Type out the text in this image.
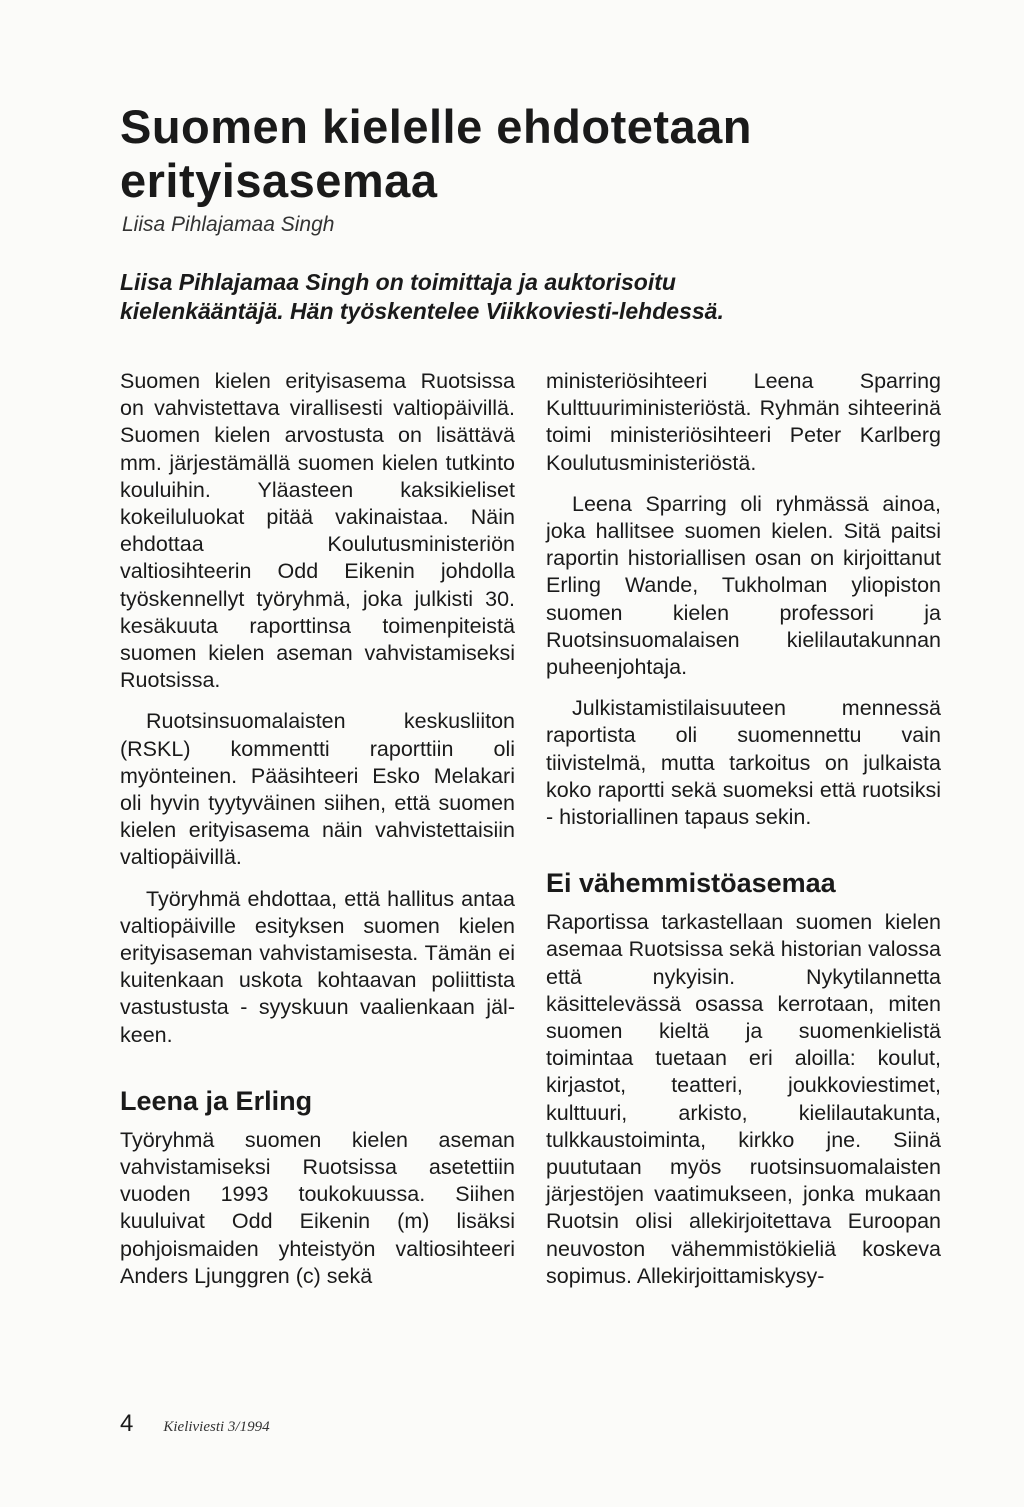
Suomen kielelle ehdotetaan erityisasemaa
Liisa Pihlajamaa Singh

Liisa Pihlajamaa Singh on toimittaja ja auktorisoitu kielenkääntäjä. Hän työskentelee Viikkoviesti-lehdessä.

Suomen kielen erityisasema Ruotsissa on vahvistettava virallisesti valtiopäivillä. Suomen kielen arvostusta on lisättävä mm. järjestämällä suomen kielen tutkinto kouluihin. Yläasteen kaksikieliset kokeiluluokat pitää vakinaistaa. Näin ehdottaa Koulutusministeriön valtiosihteerin Odd Eikenin johdolla työskennellyt työryhmä, joka julkisti 30. kesäkuuta raporttinsa toimenpiteistä suomen kielen aseman vahvistamiseksi Ruotsissa.

Ruotsinsuomalaisten keskusliiton (RSKL) kommentti raporttiin oli myönteinen. Pääsihteeri Esko Melakari oli hyvin tyytyväinen siihen, että suomen kielen erityisasema näin vahvistettaisiin valtiopäivillä.

Työryhmä ehdottaa, että hallitus antaa valtiopäiville esityksen suomen kielen erityisaseman vahvistamisesta. Tämän ei kuitenkaan uskota kohtaavan poliittista vastustusta - syyskuun vaalienkaan jälkeen.

Leena ja Erling

Työryhmä suomen kielen aseman vahvistamiseksi Ruotsissa asetettiin vuoden 1993 toukokuussa. Siihen kuuluivat Odd Eikenin (m) lisäksi pohjoismaiden yhteistyön valtiosihteeri Anders Ljunggren (c) sekä

ministeriösihteeri Leena Sparring Kulttuuriministeriöstä. Ryhmän sihteerinä toimi ministeriösihteeri Peter Karlberg Koulutusministeriöstä.

Leena Sparring oli ryhmässä ainoa, joka hallitsee suomen kielen. Sitä paitsi raportin historiallisen osan on kirjoittanut Erling Wande, Tukholman yliopiston suomen kielen professori ja Ruotsinsuomalaisen kielilautakunnan puheenjohtaja.

Julkistamistilaisuuteen mennessä raportista oli suomennettu vain tiivistelmä, mutta tarkoitus on julkaista koko raportti sekä suomeksi että ruotsiksi - historiallinen tapaus sekin.

Ei vähemmistöasemaa

Raportissa tarkastellaan suomen kielen asemaa Ruotsissa sekä historian valossa että nykyisin. Nykytilannetta käsittelevässä osassa kerrotaan, miten suomen kieltä ja suomenkielistä toimintaa tuetaan eri aloilla: koulut, kirjastot, teatteri, joukkoviestimet, kulttuuri, arkisto, kielilautakunta, tulkkaustoiminta, kirkko jne. Siinä puututaan myös ruotsinsuomalaisten järjestöjen vaatimukseen, jonka mukaan Ruotsin olisi allekirjoitettava Euroopan neuvoston vähemmistökieliä koskeva sopimus. Allekirjoittamiskysy-

4 Kieliviesti 3/1994
